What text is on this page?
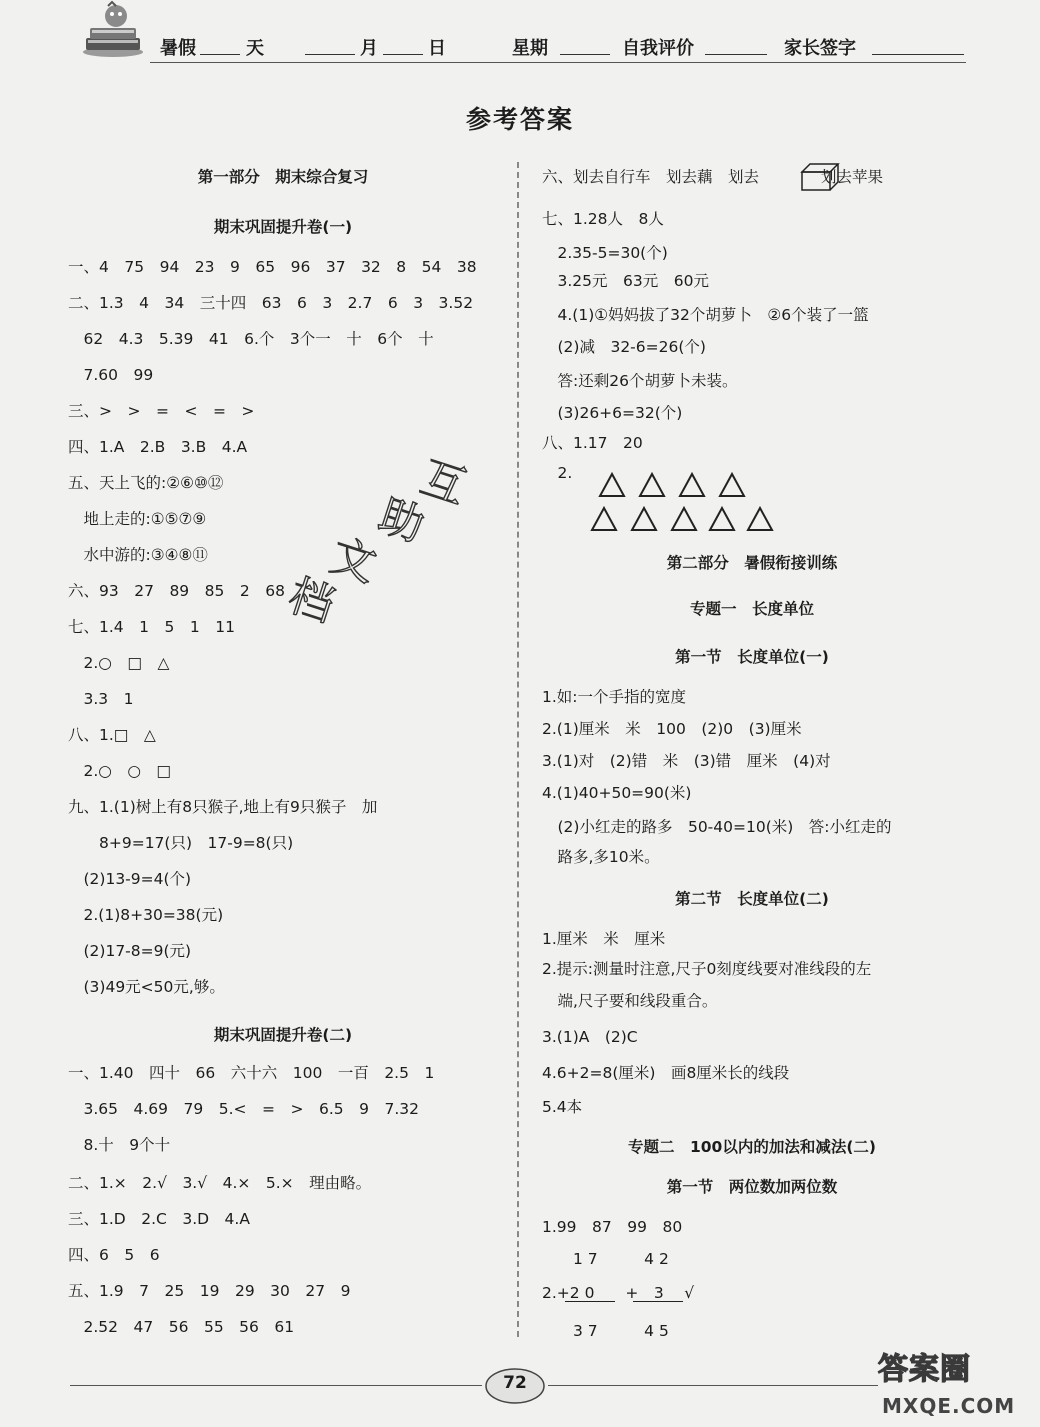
暑假	天	月	日	星期	自我评价	家长签字
参考答案
第一部分　期末综合复习
期末巩固提升卷(一)
一、4　75　94　23　9　65　96　37　32　8　54　38
二、1.3　4　34　三十四　63　6　3　2.7　6　3　3.52
　62　4.3　5.39　41　6.个　3个一　十　6个　十
　7.60　99
三、>　>　=　<　=　>
四、1.A　2.B　3.B　4.A
五、天上飞的:②⑥⑩⑫
　地上走的:①⑤⑦⑨
　水中游的:③④⑧⑪
六、93　27　89　85　2　68
七、1.4　1　5　1　11
　2.○　□　△
　3.3　1
八、1.□　△
　2.○　○　□
九、1.(1)树上有8只猴子,地上有9只猴子　加
　　8+9=17(只)　17-9=8(只)
　(2)13-9=4(个)
　2.(1)8+30=38(元)
　(2)17-8=9(元)
　(3)49元<50元,够。
期末巩固提升卷(二)
一、1.40　四十　66　六十六　100　一百　2.5　1
　3.65　4.69　79　5.<　=　>　6.5　9　7.32
　8.十　9个十
二、1.×　2.√　3.√　4.×　5.×　理由略。
三、1.D　2.C　3.D　4.A
四、6　5　6
五、1.9　7　25　19　29　30　27　9
　2.52　47　56　55　56　61
六、划去自行车　划去藕　划去　　　　划去苹果
七、1.28人　8人
　2.35-5=30(个)
　3.25元　63元　60元
　4.(1)①妈妈拔了32个胡萝卜　②6个装了一篮
　(2)减　32-6=26(个)
　答:还剩26个胡萝卜未装。
　(3)26+6=32(个)
八、1.17　20
　2.
第二部分　暑假衔接训练
专题一　长度单位
第一节　长度单位(一)
1.如:一个手指的宽度
2.(1)厘米　米　100　(2)0　(3)厘米
3.(1)对　(2)错　米　(3)错　厘米　(4)对
4.(1)40+50=90(米)
　(2)小红走的路多　50-40=10(米)　答:小红走的
　路多,多10米。
第二节　长度单位(二)
1.厘米　米　厘米
2.提示:测量时注意,尺子0刻度线要对准线段的左
　端,尺子要和线段重合。
3.(1)A　(2)C
4.6+2=8(厘米)　画8厘米长的线段
5.4本
专题二　100以内的加法和减法(二)
第一节　两位数加两位数
1.99　87　99　80
　　1 7　　　4 2
2.+2 0　　+　3　 √
　　3 7　　　4 5
互
助
文
档
72	答案圈
MXQE.COM
